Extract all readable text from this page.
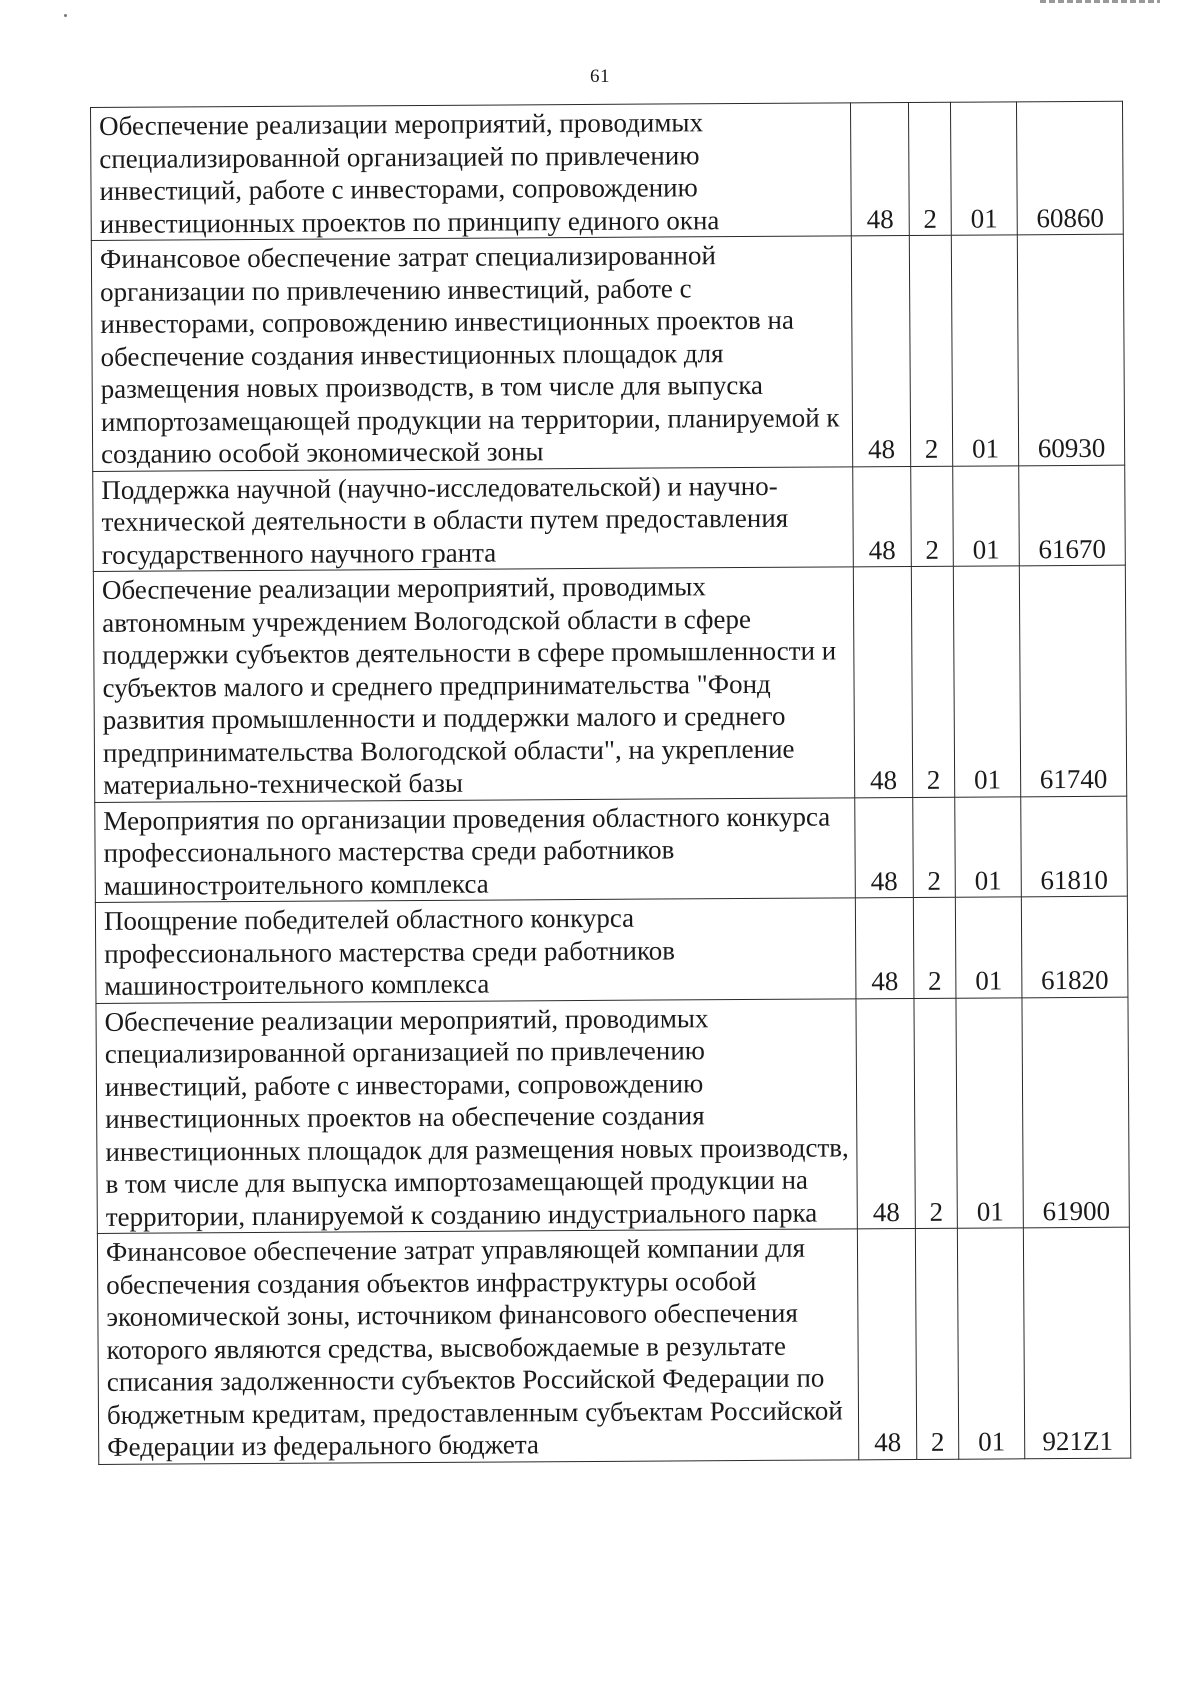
61
Обеспечение реализации мероприятий, проводимых специализированной организацией по привлечению инвестиций, работе с инвесторами, сопровождению инвестиционных проектов по принципу единого окна	48	2	01	60860
Финансовое обеспечение затрат специализированной организации по привлечению инвестиций, работе с инвесторами, сопровождению инвестиционных проектов на обеспечение создания инвестиционных площадок для размещения новых производств, в том числе для выпуска импортозамещающей продукции на территории, планируемой к созданию особой экономической зоны	48	2	01	60930
Поддержка научной (научно-исследовательской) и научно-технической деятельности в области путем предоставления государственного научного гранта	48	2	01	61670
Обеспечение реализации мероприятий, проводимых автономным учреждением Вологодской области в сфере поддержки субъектов деятельности в сфере промышленности и субъектов малого и среднего предпринимательства "Фонд развития промышленности и поддержки малого и среднего предпринимательства Вологодской области", на укрепление материально-технической базы	48	2	01	61740
Мероприятия по организации проведения областного конкурса профессионального мастерства среди работников машиностроительного комплекса	48	2	01	61810
Поощрение победителей областного конкурса профессионального мастерства среди работников машиностроительного комплекса	48	2	01	61820
Обеспечение реализации мероприятий, проводимых специализированной организацией по привлечению инвестиций, работе с инвесторами, сопровождению инвестиционных проектов на обеспечение создания инвестиционных площадок для размещения новых производств, в том числе для выпуска импортозамещающей продукции на территории, планируемой к созданию индустриального парка	48	2	01	61900
Финансовое обеспечение затрат управляющей компании для обеспечения создания объектов инфраструктуры особой экономической зоны, источником финансового обеспечения которого являются средства, высвобождаемые в результате списания задолженности субъектов Российской Федерации по бюджетным кредитам, предоставленным субъектам Российской Федерации из федерального бюджета	48	2	01	921Z1
